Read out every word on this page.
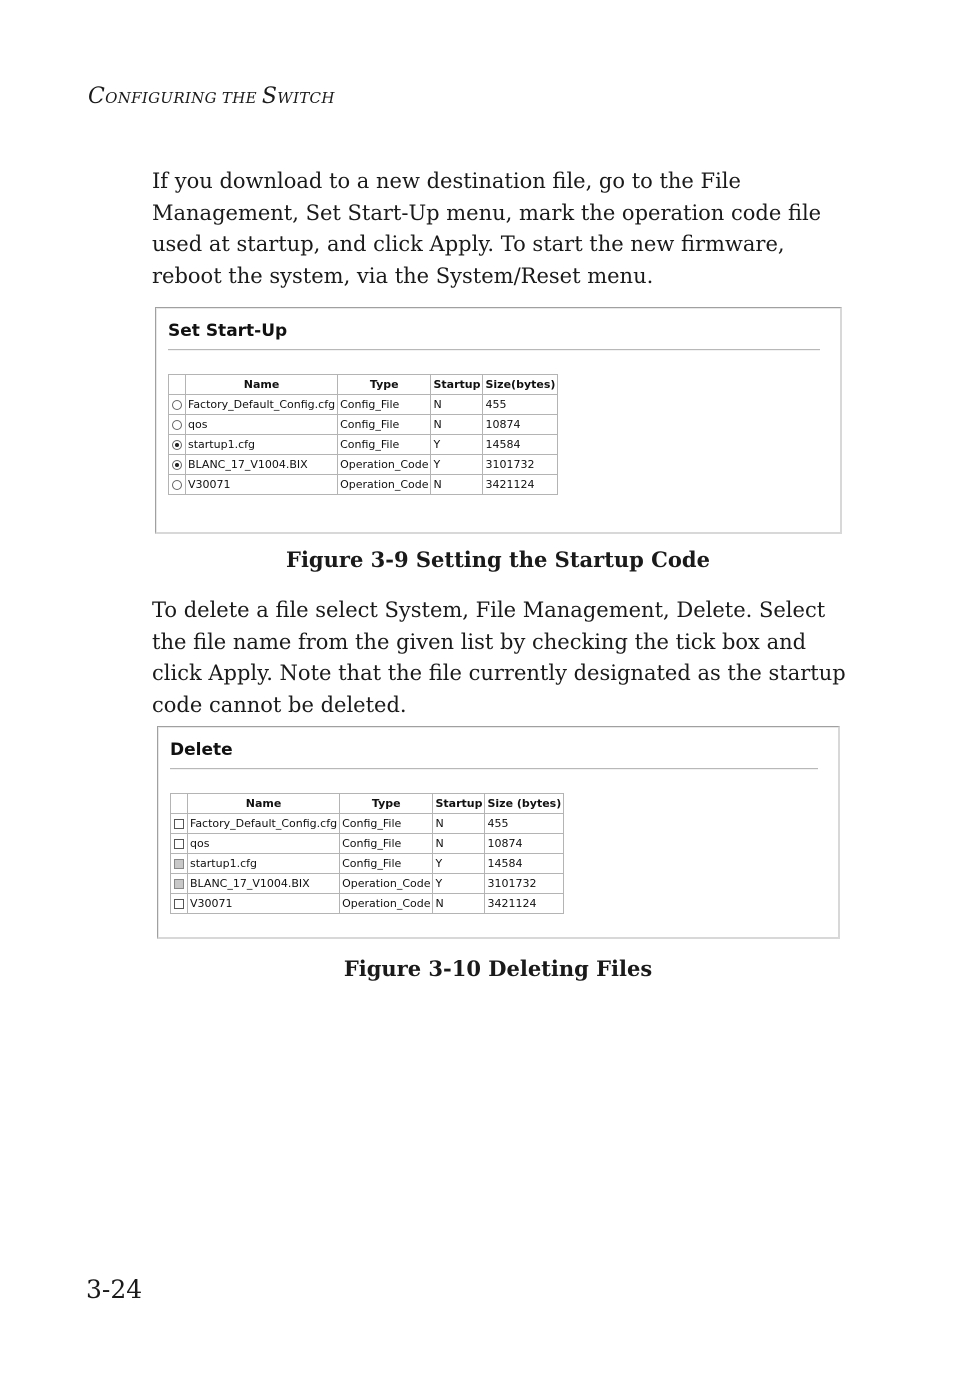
CONFIGURING THE SWITCH

If you download to a new destination file, go to the File Management, Set Start-Up menu, mark the operation code file used at startup, and click Apply. To start the new firmware, reboot the system, via the System/Reset menu.

Set Start-Up
	Name	Type	Startup	Size(bytes)
	Factory_Default_Config.cfg	Config_File	N	455
	qos	Config_File	N	10874
	startup1.cfg	Config_File	Y	14584
	BLANC_17_V1004.BIX	Operation_Code	Y	3101732
	V30071	Operation_Code	N	3421124
Figure 3-9 Setting the Startup Code

To delete a file select System, File Management, Delete. Select the file name from the given list by checking the tick box and click Apply. Note that the file currently designated as the startup code cannot be deleted.

Delete
	Name	Type	Startup	Size (bytes)
	Factory_Default_Config.cfg	Config_File	N	455
	qos	Config_File	N	10874
	startup1.cfg	Config_File	Y	14584
	BLANC_17_V1004.BIX	Operation_Code	Y	3101732
	V30071	Operation_Code	N	3421124
Figure 3-10 Deleting Files
3-24
